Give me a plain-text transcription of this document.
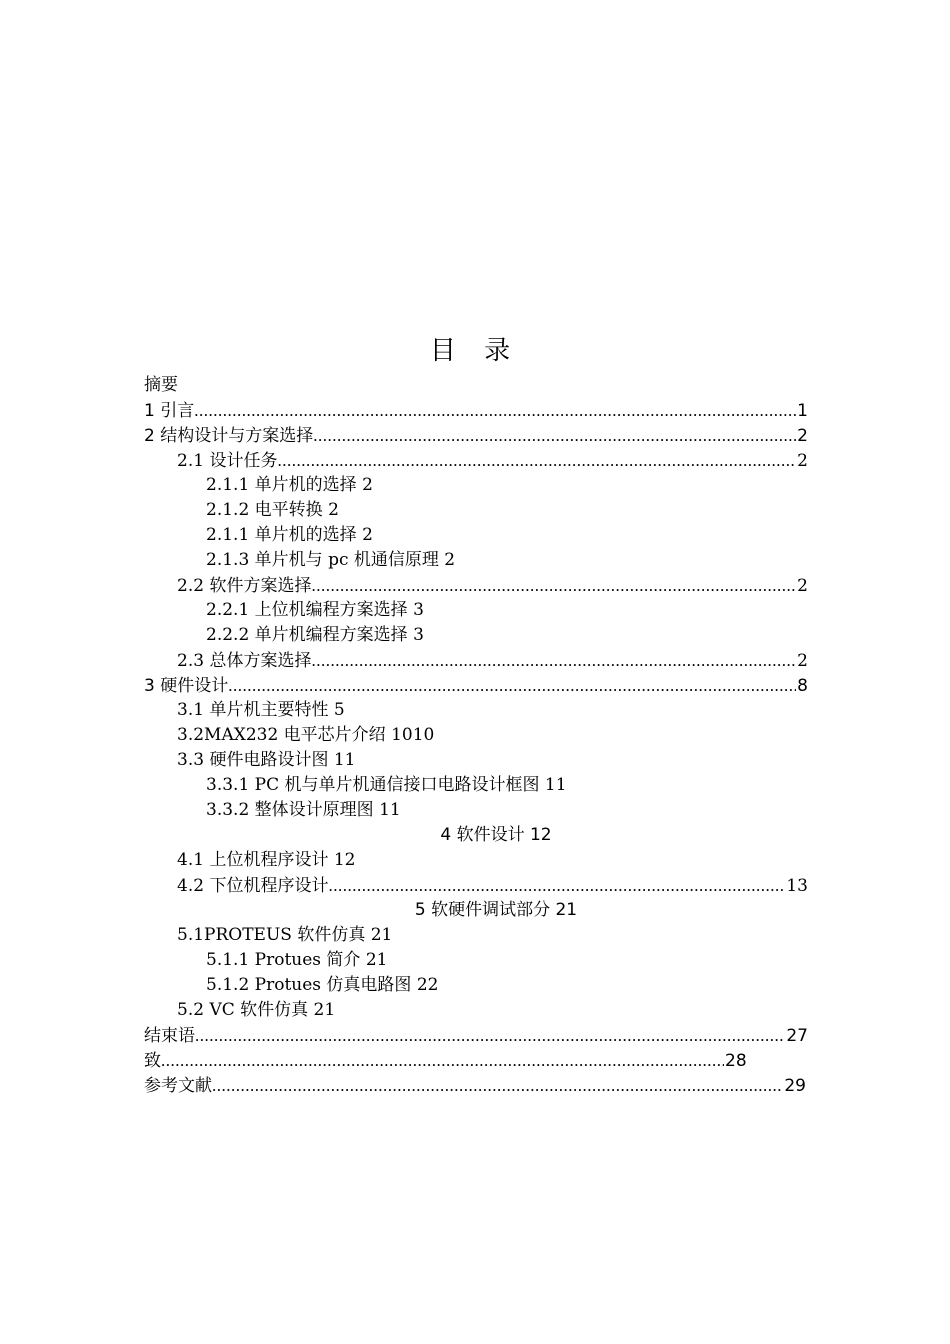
目 录
摘要
1 引言 .....	1
2 结构设计与方案选择 .....	2
2.1 设计任务 .....	2
2.1.1 单片机的选择 2
2.1.2 电平转换 2
2.1.1 单片机的选择 2
2.1.3 单片机与 pc 机通信原理 2
2.2 软件方案选择 .....	2
2.2.1 上位机编程方案选择 3
2.2.2 单片机编程方案选择 3
2.3 总体方案选择 .....	2
3 硬件设计 .....	8
3.1 单片机主要特性 5
3.2MAX232 电平芯片介绍 1010
3.3 硬件电路设计图 11
3.3.1 PC 机与单片机通信接口电路设计框图 11
3.3.2 整体设计原理图 11
4 软件设计 12
4.1 上位机程序设计 12
4.2 下位机程序设计 .....	13
5 软硬件调试部分 21
5.1PROTEUS 软件仿真 21
5.1.1 Protues 简介 21
5.1.2 Protues 仿真电路图 22
5.2 VC 软件仿真 21
结束语 .....	27
致 .....	28
参考文献 .....	29
